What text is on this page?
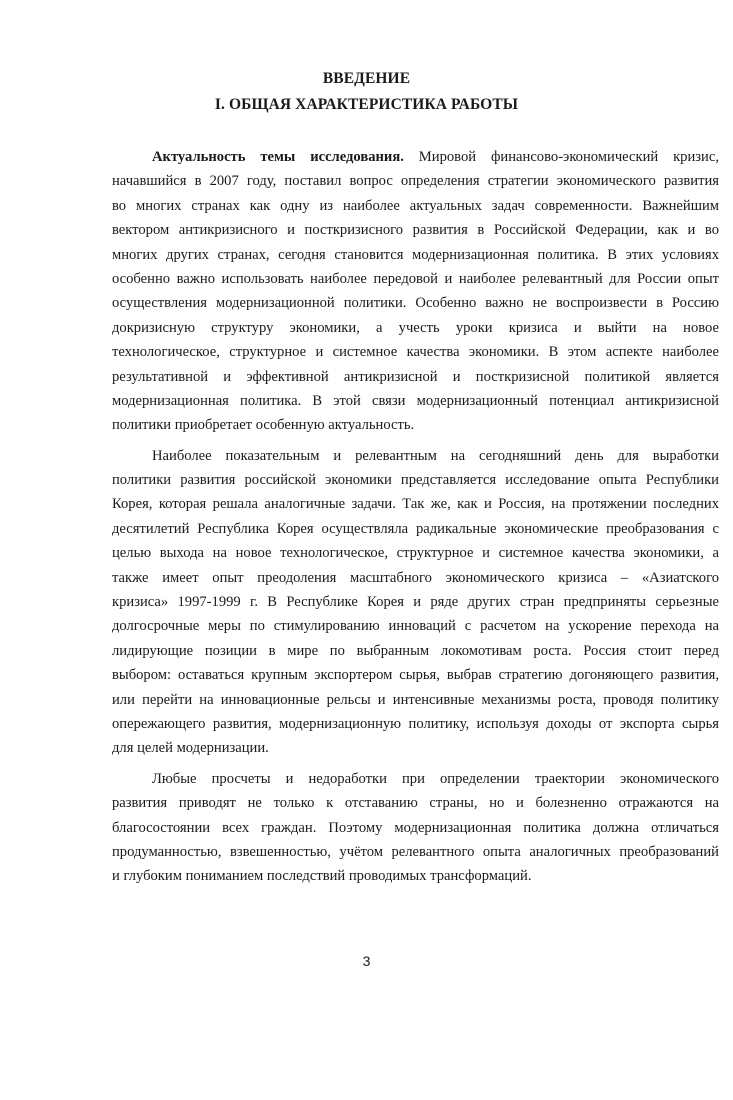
ВВЕДЕНИЕ
I. ОБЩАЯ ХАРАКТЕРИСТИКА РАБОТЫ
Актуальность темы исследования. Мировой финансово-экономический кризис,
начавшийся в 2007 году, поставил вопрос определения стратегии экономического развития
во многих странах как одну из наиболее актуальных задач современности. Важнейшим
вектором антикризисного и посткризисного развития в Российской Федерации, как и во
многих других странах, сегодня становится модернизационная политика. В этих условиях
особенно важно использовать наиболее передовой и наиболее релевантный для России опыт
осуществления модернизационной политики. Особенно важно не воспроизвести в Россию
докризисную структуру экономики, а учесть уроки кризиса и выйти на новое
технологическое, структурное и системное качества экономики. В этом аспекте наиболее
результативной и эффективной антикризисной и посткризисной политикой является
модернизационная политика. В этой связи модернизационный потенциал антикризисной
политики приобретает особенную актуальность.
Наиболее показательным и релевантным на сегодняшний день для выработки
политики развития российской экономики представляется исследование опыта Республики
Корея, которая решала аналогичные задачи. Так же, как и Россия, на протяжении последних
десятилетий Республика Корея осуществляла радикальные экономические преобразования с
целью выхода на новое технологическое, структурное и системное качества экономики, а
также имеет опыт преодоления масштабного экономического кризиса – «Азиатского
кризиса» 1997-1999 г. В Республике Корея и ряде других стран предприняты серьезные
долгосрочные меры по стимулированию инноваций с расчетом на ускорение перехода на
лидирующие позиции в мире по выбранным локомотивам роста. Россия стоит перед
выбором: оставаться крупным экспортером сырья, выбрав стратегию догоняющего развития,
или перейти на инновационные рельсы и интенсивные механизмы роста, проводя политику
опережающего развития, модернизационную политику, используя доходы от экспорта сырья
для целей модернизации.
Любые просчеты и недоработки при определении траектории экономического
развития приводят не только к отставанию страны, но и болезненно отражаются на
благосостоянии всех граждан. Поэтому модернизационная политика должна отличаться
продуманностью, взвешенностью, учётом релевантного опыта аналогичных преобразований
и глубоким пониманием последствий проводимых трансформаций.
3
